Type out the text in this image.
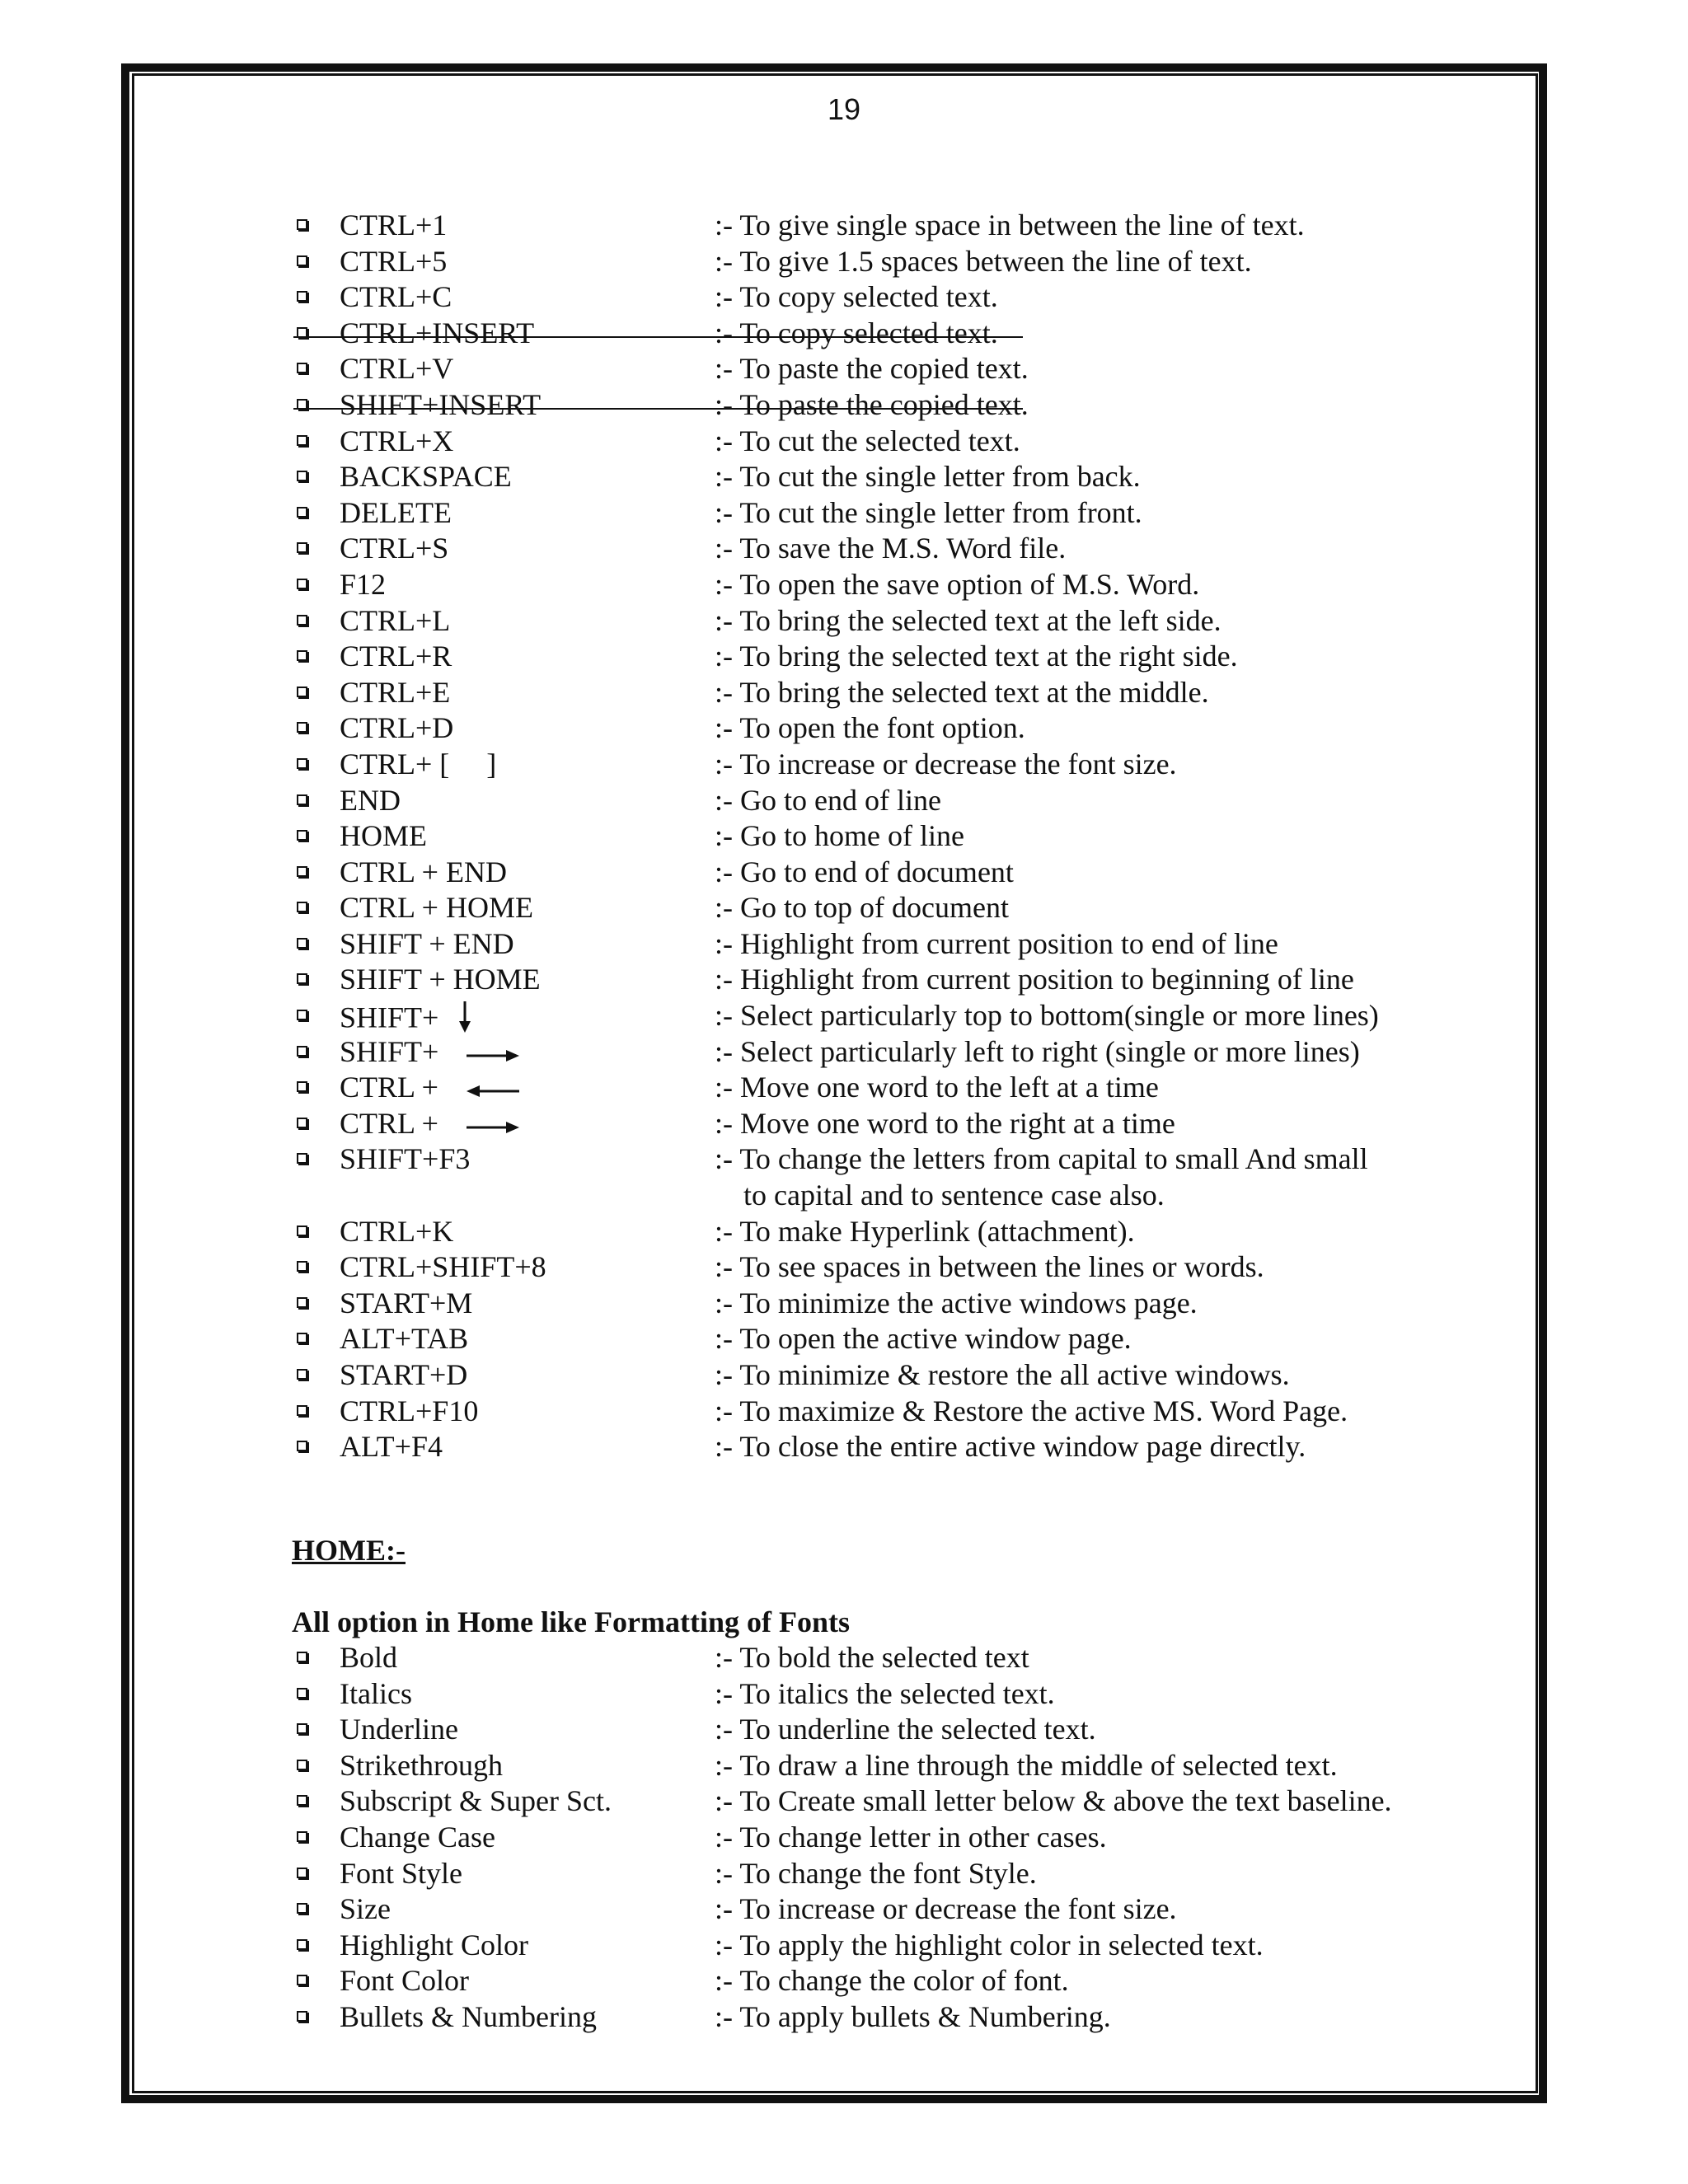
19
CTRL+1	:- To give single space in between the line of text.
CTRL+5	:- To give 1.5 spaces between the line of text.
CTRL+C	:- To copy selected text.
CTRL+INSERT	:- To copy selected text.
CTRL+V	:- To paste the copied text.
SHIFT+INSERT	:- To paste the copied text.
CTRL+X	:- To cut the selected text.
BACKSPACE	:- To cut the single letter from back.
DELETE	:- To cut the single letter from front.
CTRL+S	:- To save the M.S. Word file.
F12	:- To open the save option of M.S. Word.
CTRL+L	:- To bring the selected text at the left side.
CTRL+R	:- To bring the selected text at the right side.
CTRL+E	:- To bring the selected text at the middle.
CTRL+D	:- To open the font option.
CTRL+ [     ]	:- To increase or decrease the font size.
END	:- Go to end of line
HOME	:- Go to home of line
CTRL + END	:- Go to end of document
CTRL + HOME	:- Go to top of document
SHIFT + END	:- Highlight from current position to end of line
SHIFT + HOME	:- Highlight from current position to beginning of line
SHIFT+	:- Select particularly top to bottom(single or more lines)
SHIFT+	:- Select particularly left to right (single or more lines)
CTRL +	:- Move one word to the left at a time
CTRL +	:- Move one word to the right at a time
SHIFT+F3	:- To change the letters from capital to small And small
to capital and to sentence case also.
CTRL+K	:- To make Hyperlink (attachment).
CTRL+SHIFT+8	:- To see spaces in between the lines or words.
START+M	:- To minimize the active windows page.
ALT+TAB	:- To open the active window page.
START+D	:- To minimize & restore the all active windows.
CTRL+F10	:- To maximize & Restore the active MS. Word Page.
ALT+F4	:- To close the entire active window page directly.
HOME:-
All option in Home like Formatting of Fonts
Bold	:- To bold the selected text
Italics	:- To italics the selected text.
Underline	:- To underline the selected text.
Strikethrough	:- To draw a line through the middle of selected text.
Subscript & Super Sct.	:- To Create small letter below & above the text baseline.
Change Case	:- To change letter in other cases.
Font Style	:- To change the font Style.
Size	:- To increase or decrease the font size.
Highlight Color	:- To apply the highlight color in selected text.
Font Color	:- To change the color of font.
Bullets & Numbering	:- To apply bullets & Numbering.
